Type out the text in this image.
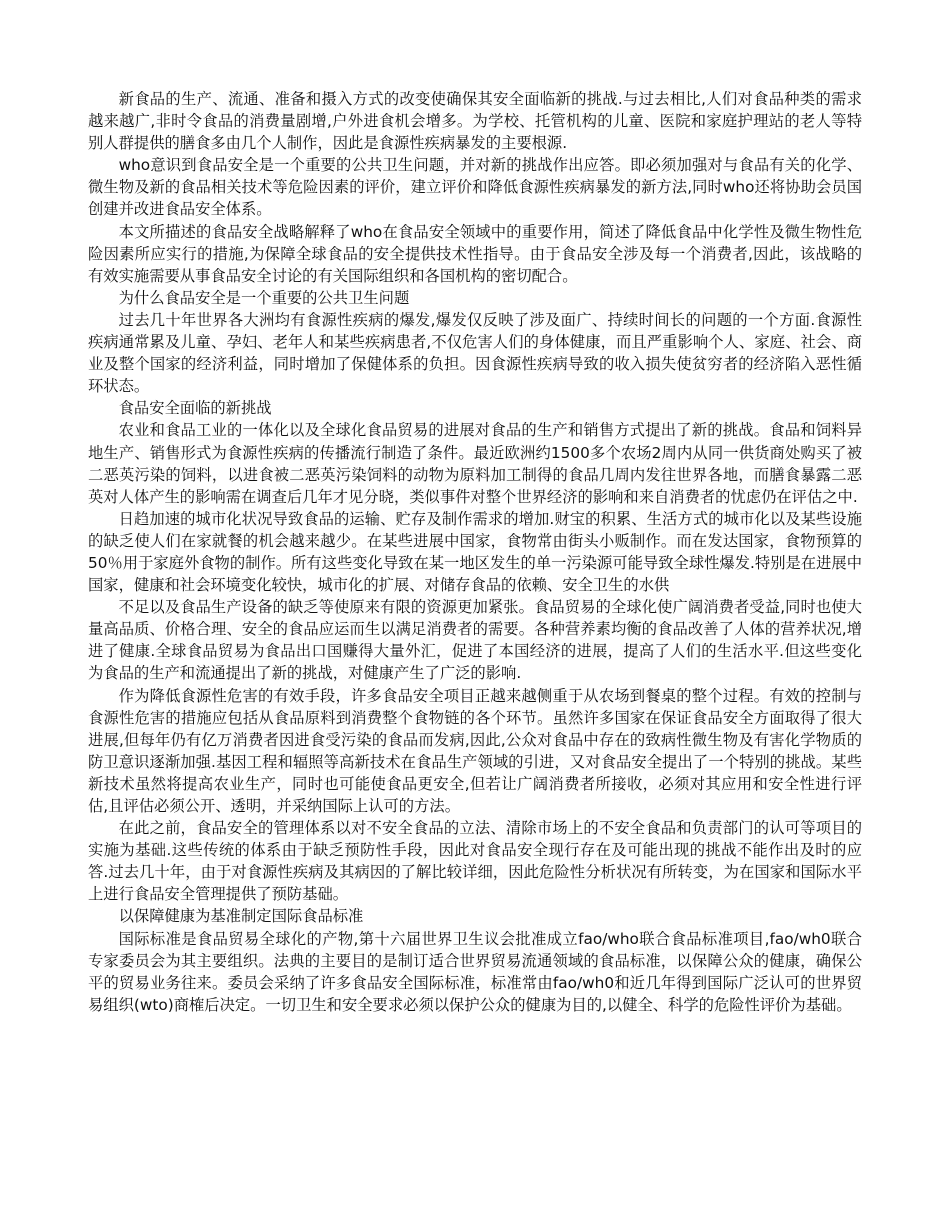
新食品的生产、流通、准备和摄入方式的改变使确保其安全面临新的挑战.与过去相比,人们对食品种类的需求越来越广,非时令食品的消费量剧增,户外进食机会增多。为学校、托管机构的儿童、医院和家庭护理站的老人等特别人群提供的膳食多由几个人制作，因此是食源性疾病暴发的主要根源.

who意识到食品安全是一个重要的公共卫生问题，并对新的挑战作出应答。即必须加强对与食品有关的化学、微生物及新的食品相关技术等危险因素的评价，建立评价和降低食源性疾病暴发的新方法,同时who还将协助会员国创建并改进食品安全体系。

本文所描述的食品安全战略解释了who在食品安全领域中的重要作用，简述了降低食品中化学性及微生物性危险因素所应实行的措施,为保障全球食品的安全提供技术性指导。由于食品安全涉及每一个消费者,因此，该战略的有效实施需要从事食品安全讨论的有关国际组织和各国机构的密切配合。

为什么食品安全是一个重要的公共卫生问题

过去几十年世界各大洲均有食源性疾病的爆发,爆发仅反映了涉及面广、持续时间长的问题的一个方面.食源性疾病通常累及儿童、孕妇、老年人和某些疾病患者,不仅危害人们的身体健康，而且严重影响个人、家庭、社会、商业及整个国家的经济利益，同时增加了保健体系的负担。因食源性疾病导致的收入损失使贫穷者的经济陷入恶性循环状态。

食品安全面临的新挑战

农业和食品工业的一体化以及全球化食品贸易的进展对食品的生产和销售方式提出了新的挑战。食品和饲料异地生产、销售形式为食源性疾病的传播流行制造了条件。最近欧洲约1500多个农场2周内从同一供货商处购买了被二恶英污染的饲料，以进食被二恶英污染饲料的动物为原料加工制得的食品几周内发往世界各地，而膳食暴露二恶英对人体产生的影响需在调查后几年才见分晓，类似事件对整个世界经济的影响和来自消费者的忧虑仍在评估之中.

日趋加速的城市化状况导致食品的运输、贮存及制作需求的增加.财宝的积累、生活方式的城市化以及某些设施的缺乏使人们在家就餐的机会越来越少。在某些进展中国家，食物常由街头小贩制作。而在发达国家，食物预算的50％用于家庭外食物的制作。所有这些变化导致在某一地区发生的单一污染源可能导致全球性爆发.特别是在进展中国家，健康和社会环境变化较快，城市化的扩展、对储存食品的依赖、安全卫生的水供

不足以及食品生产设备的缺乏等使原来有限的资源更加紧张。食品贸易的全球化使广阔消费者受益,同时也使大量高品质、价格合理、安全的食品应运而生以满足消费者的需要。各种营养素均衡的食品改善了人体的营养状况,增进了健康.全球食品贸易为食品出口国赚得大量外汇，促进了本国经济的进展，提高了人们的生活水平.但这些变化为食品的生产和流通提出了新的挑战，对健康产生了广泛的影响.

作为降低食源性危害的有效手段，许多食品安全项目正越来越侧重于从农场到餐桌的整个过程。有效的控制与食源性危害的措施应包括从食品原料到消费整个食物链的各个环节。虽然许多国家在保证食品安全方面取得了很大进展,但每年仍有亿万消费者因进食受污染的食品而发病,因此,公众对食品中存在的致病性微生物及有害化学物质的防卫意识逐渐加强.基因工程和辐照等高新技术在食品生产领域的引进，又对食品安全提出了一个特别的挑战。某些新技术虽然将提高农业生产，同时也可能使食品更安全,但若让广阔消费者所接收，必须对其应用和安全性进行评估,且评估必须公开、透明，并采纳国际上认可的方法。

在此之前，食品安全的管理体系以对不安全食品的立法、清除市场上的不安全食品和负责部门的认可等项目的实施为基础.这些传统的体系由于缺乏预防性手段，因此对食品安全现行存在及可能出现的挑战不能作出及时的应答.过去几十年，由于对食源性疾病及其病因的了解比较详细，因此危险性分析状况有所转变，为在国家和国际水平上进行食品安全管理提供了预防基础。

以保障健康为基准制定国际食品标准

国际标准是食品贸易全球化的产物,第十六届世界卫生议会批准成立fao/who联合食品标准项目,fao/wh0联合专家委员会为其主要组织。法典的主要目的是制订适合世界贸易流通领域的食品标准，以保障公众的健康，确保公平的贸易业务往来。委员会采纳了许多食品安全国际标准，标准常由fao/wh0和近几年得到国际广泛认可的世界贸易组织(wto)商榷后决定。一切卫生和安全要求必须以保护公众的健康为目的,以健全、科学的危险性评价为基础。
